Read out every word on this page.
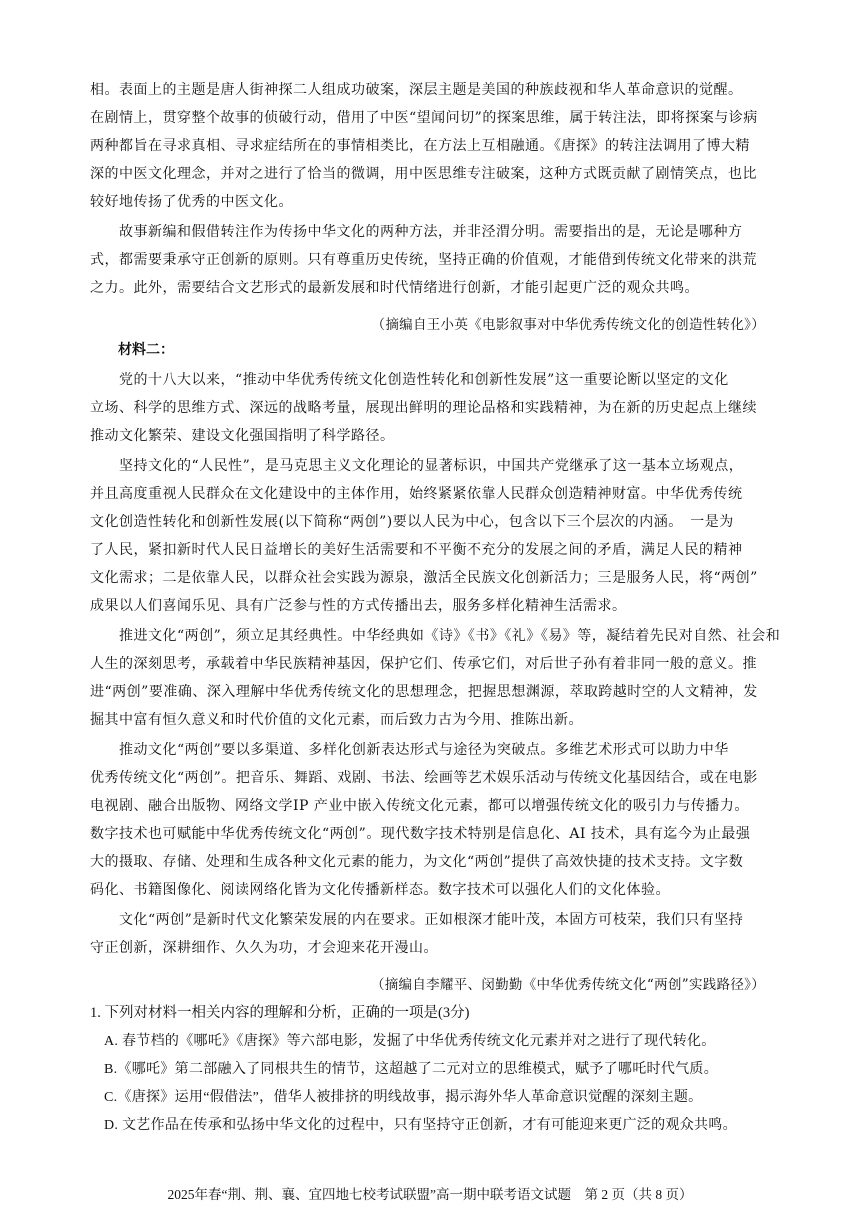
相。表面上的主题是唐人街神探二人组成功破案，深层主题是美国的种族歧视和华人革命意识的觉醒。
在剧情上，贯穿整个故事的侦破行动，借用了中医“望闻问切”的探案思维，属于转注法，即将探案与诊病
两种都旨在寻求真相、寻求症结所在的事情相类比，在方法上互相融通。《唐探》的转注法调用了博大精
深的中医文化理念，并对之进行了恰当的微调，用中医思维专注破案，这种方式既贡献了剧情笑点，也比
较好地传扬了优秀的中医文化。
　　故事新编和假借转注作为传扬中华文化的两种方法，并非泾渭分明。需要指出的是，无论是哪种方
式，都需要秉承守正创新的原则。只有尊重历史传统，坚持正确的价值观，才能借到传统文化带来的洪荒
之力。此外，需要结合文艺形式的最新发展和时代情绪进行创新，才能引起更广泛的观众共鸣。
（摘编自王小英《电影叙事对中华优秀传统文化的创造性转化》）
材料二：
　　党的十八大以来，“推动中华优秀传统文化创造性转化和创新性发展”这一重要论断以坚定的文化
立场、科学的思维方式、深远的战略考量，展现出鲜明的理论品格和实践精神，为在新的历史起点上继续
推动文化繁荣、建设文化强国指明了科学路径。
　　坚持文化的“人民性”，是马克思主义文化理论的显著标识，中国共产党继承了这一基本立场观点，
并且高度重视人民群众在文化建设中的主体作用，始终紧紧依靠人民群众创造精神财富。中华优秀传统
文化创造性转化和创新性发展(以下简称“两创”)要以人民为中心，包含以下三个层次的内涵。　一是为
了人民，紧扣新时代人民日益增长的美好生活需要和不平衡不充分的发展之间的矛盾，满足人民的精神
文化需求；二是依靠人民，以群众社会实践为源泉，激活全民族文化创新活力；三是服务人民，将“两创”
成果以人们喜闻乐见、具有广泛参与性的方式传播出去，服务多样化精神生活需求。
　　推进文化“两创”，须立足其经典性。中华经典如《诗》《书》《礼》《易》等，凝结着先民对自然、社会和
人生的深刻思考，承载着中华民族精神基因，保护它们、传承它们，对后世子孙有着非同一般的意义。推
进“两创”要准确、深入理解中华优秀传统文化的思想理念，把握思想渊源，萃取跨越时空的人文精神，发
掘其中富有恒久意义和时代价值的文化元素，而后致力古为今用、推陈出新。
　　推动文化“两创”要以多渠道、多样化创新表达形式与途径为突破点。多维艺术形式可以助力中华
优秀传统文化“两创”。把音乐、舞蹈、戏剧、书法、绘画等艺术娱乐活动与传统文化基因结合，或在电影
电视剧、融合出版物、网络文学IP 产业中嵌入传统文化元素，都可以增强传统文化的吸引力与传播力。
数字技术也可赋能中华优秀传统文化“两创”。现代数字技术特别是信息化、AI 技术，具有迄今为止最强
大的摄取、存储、处理和生成各种文化元素的能力，为文化“两创”提供了高效快捷的技术支持。文字数
码化、书籍图像化、阅读网络化皆为文化传播新样态。数字技术可以强化人们的文化体验。
　　文化“两创”是新时代文化繁荣发展的内在要求。正如根深才能叶茂，本固方可枝荣，我们只有坚持
守正创新，深耕细作、久久为功，才会迎来花开漫山。
（摘编自李耀平、闵勤勤《中华优秀传统文化“两创”实践路径》）
1. 下列对材料一相关内容的理解和分析，正确的一项是(3分)
A. 春节档的《哪吒》《唐探》等六部电影，发掘了中华优秀传统文化元素并对之进行了现代转化。
B.《哪吒》第二部融入了同根共生的情节，这超越了二元对立的思维模式，赋予了哪吒时代气质。
C.《唐探》运用“假借法”，借华人被排挤的明线故事，揭示海外华人革命意识觉醒的深刻主题。
D. 文艺作品在传承和弘扬中华文化的过程中，只有坚持守正创新，才有可能迎来更广泛的观众共鸣。
2025年春“荆、荆、襄、宜四地七校考试联盟”高一期中联考语文试题　第 2 页（共 8 页）
